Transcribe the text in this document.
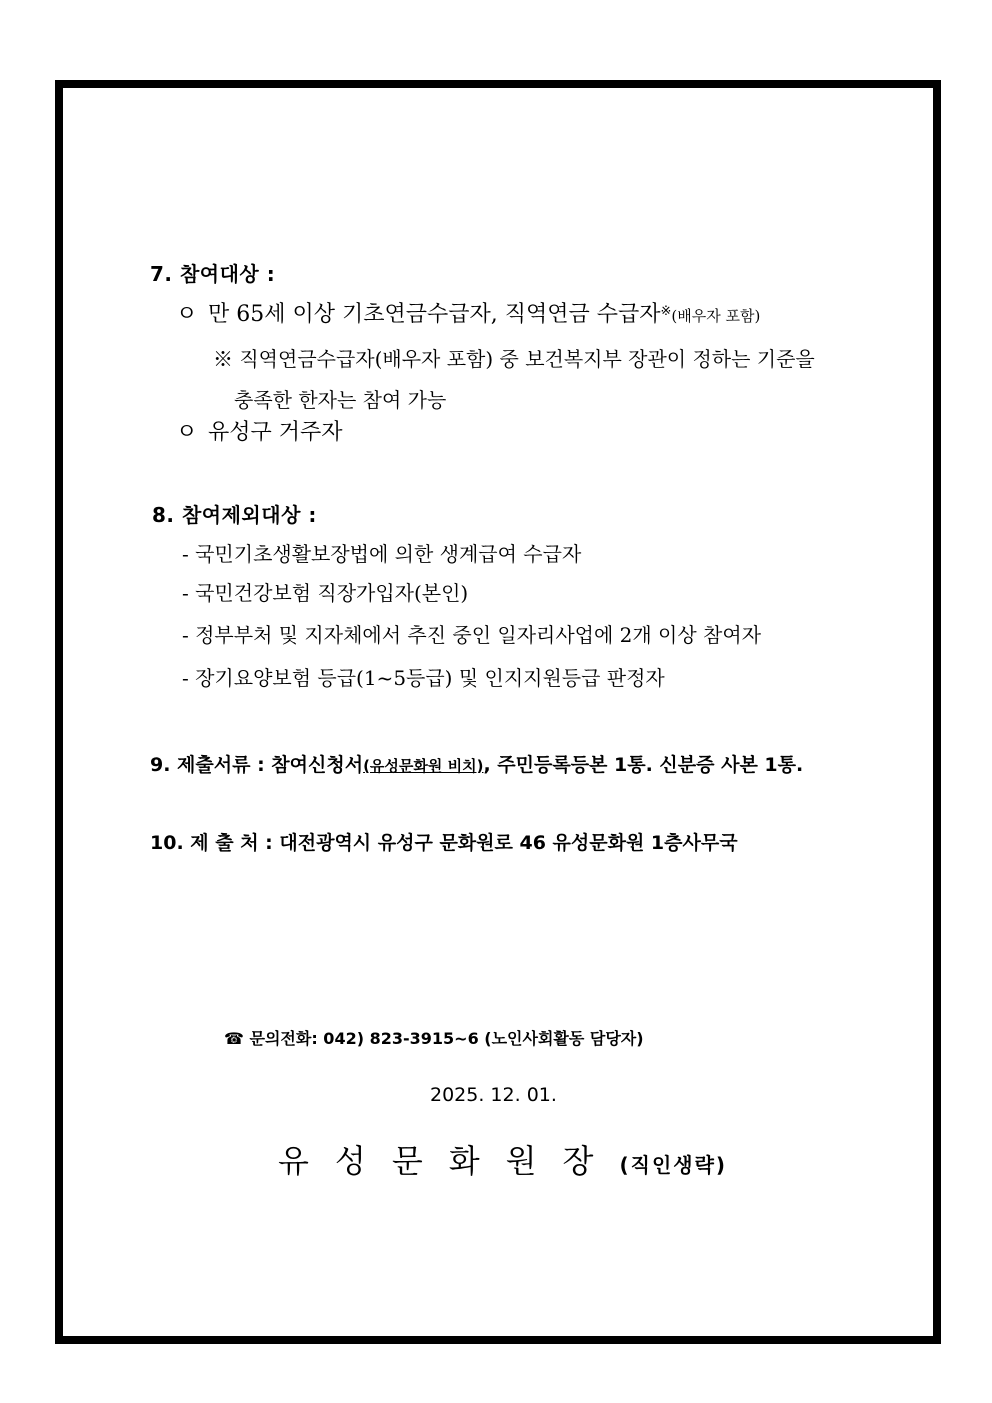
7. 참여대상 :
ㅇ 만 65세 이상 기초연금수급자, 직역연금 수급자※(배우자 포함)
※ 직역연금수급자(배우자 포함) 중 보건복지부 장관이 정하는 기준을
충족한 한자는 참여 가능
ㅇ 유성구 거주자
8. 참여제외대상 :
- 국민기초생활보장법에 의한 생계급여 수급자
- 국민건강보험 직장가입자(본인)
- 정부부처 및 지자체에서 추진 중인 일자리사업에 2개 이상 참여자
- 장기요양보험 등급(1~5등급) 및 인지지원등급 판정자
9. 제출서류 : 참여신청서(유성문화원 비치), 주민등록등본 1통. 신분증 사본 1통.
10. 제 출 처 : 대전광역시 유성구 문화원로 46 유성문화원 1층사무국
☎ 문의전화: 042) 823-3915~6 (노인사회활동 담당자)
2025. 12. 01.
유성문화원장(직인생략)
